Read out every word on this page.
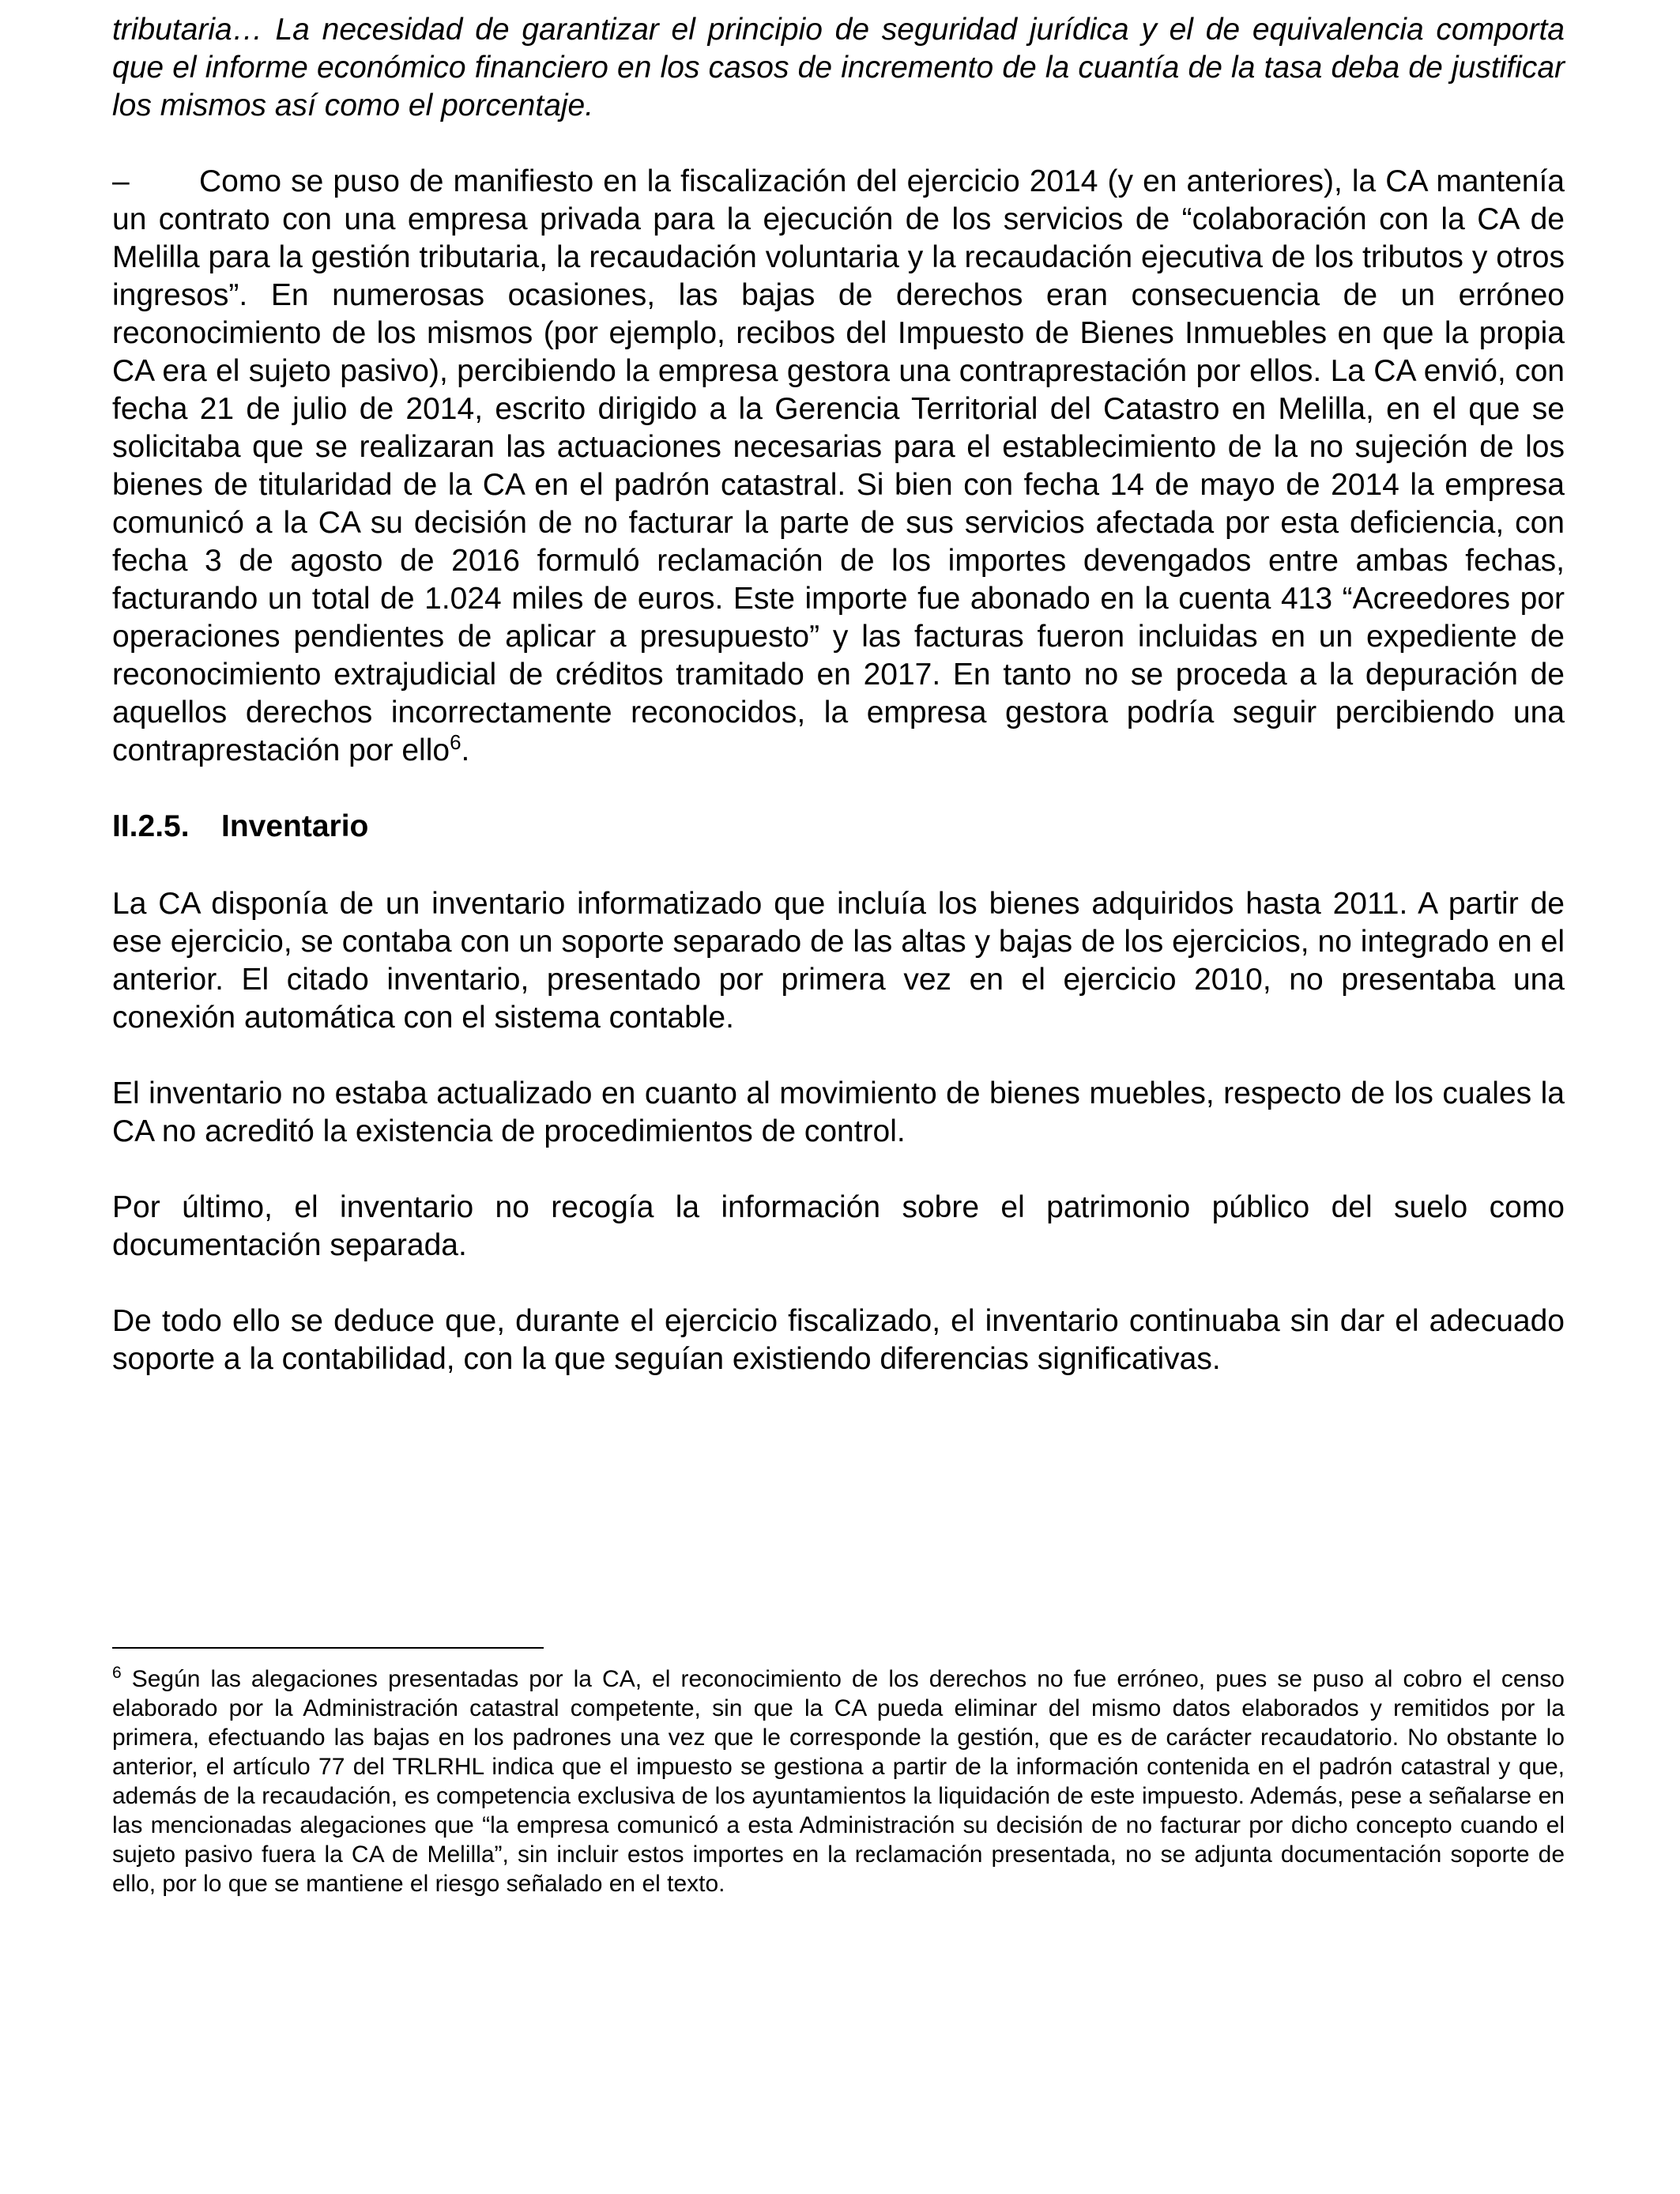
tributaria… La necesidad de garantizar el principio de seguridad jurídica y el de equivalencia comporta que el informe económico financiero en los casos de incremento de la cuantía de la tasa deba de justificar los mismos así como el porcentaje.

– Como se puso de manifiesto en la fiscalización del ejercicio 2014 (y en anteriores), la CA mantenía un contrato con una empresa privada para la ejecución de los servicios de “colaboración con la CA de Melilla para la gestión tributaria, la recaudación voluntaria y la recaudación ejecutiva de los tributos y otros ingresos”. En numerosas ocasiones, las bajas de derechos eran consecuencia de un erróneo reconocimiento de los mismos (por ejemplo, recibos del Impuesto de Bienes Inmuebles en que la propia CA era el sujeto pasivo), percibiendo la empresa gestora una contraprestación por ellos. La CA envió, con fecha 21 de julio de 2014, escrito dirigido a la Gerencia Territorial del Catastro en Melilla, en el que se solicitaba que se realizaran las actuaciones necesarias para el establecimiento de la no sujeción de los bienes de titularidad de la CA en el padrón catastral. Si bien con fecha 14 de mayo de 2014 la empresa comunicó a la CA su decisión de no facturar la parte de sus servicios afectada por esta deficiencia, con fecha 3 de agosto de 2016 formuló reclamación de los importes devengados entre ambas fechas, facturando un total de 1.024 miles de euros. Este importe fue abonado en la cuenta 413 “Acreedores por operaciones pendientes de aplicar a presupuesto” y las facturas fueron incluidas en un expediente de reconocimiento extrajudicial de créditos tramitado en 2017. En tanto no se proceda a la depuración de aquellos derechos incorrectamente reconocidos, la empresa gestora podría seguir percibiendo una contraprestación por ello$^6$.

II.2.5. Inventario

La CA disponía de un inventario informatizado que incluía los bienes adquiridos hasta 2011. A partir de ese ejercicio, se contaba con un soporte separado de las altas y bajas de los ejercicios, no integrado en el anterior. El citado inventario, presentado por primera vez en el ejercicio 2010, no presentaba una conexión automática con el sistema contable.

El inventario no estaba actualizado en cuanto al movimiento de bienes muebles, respecto de los cuales la CA no acreditó la existencia de procedimientos de control.

Por último, el inventario no recogía la información sobre el patrimonio público del suelo como documentación separada.

De todo ello se deduce que, durante el ejercicio fiscalizado, el inventario continuaba sin dar el adecuado soporte a la contabilidad, con la que seguían existiendo diferencias significativas.

$^6$ Según las alegaciones presentadas por la CA, el reconocimiento de los derechos no fue erróneo, pues se puso al cobro el censo elaborado por la Administración catastral competente, sin que la CA pueda eliminar del mismo datos elaborados y remitidos por la primera, efectuando las bajas en los padrones una vez que le corresponde la gestión, que es de carácter recaudatorio. No obstante lo anterior, el artículo 77 del TRLRHL indica que el impuesto se gestiona a partir de la información contenida en el padrón catastral y que, además de la recaudación, es competencia exclusiva de los ayuntamientos la liquidación de este impuesto. Además, pese a señalarse en las mencionadas alegaciones que “la empresa comunicó a esta Administración su decisión de no facturar por dicho concepto cuando el sujeto pasivo fuera la CA de Melilla”, sin incluir estos importes en la reclamación presentada, no se adjunta documentación soporte de ello, por lo que se mantiene el riesgo señalado en el texto.
